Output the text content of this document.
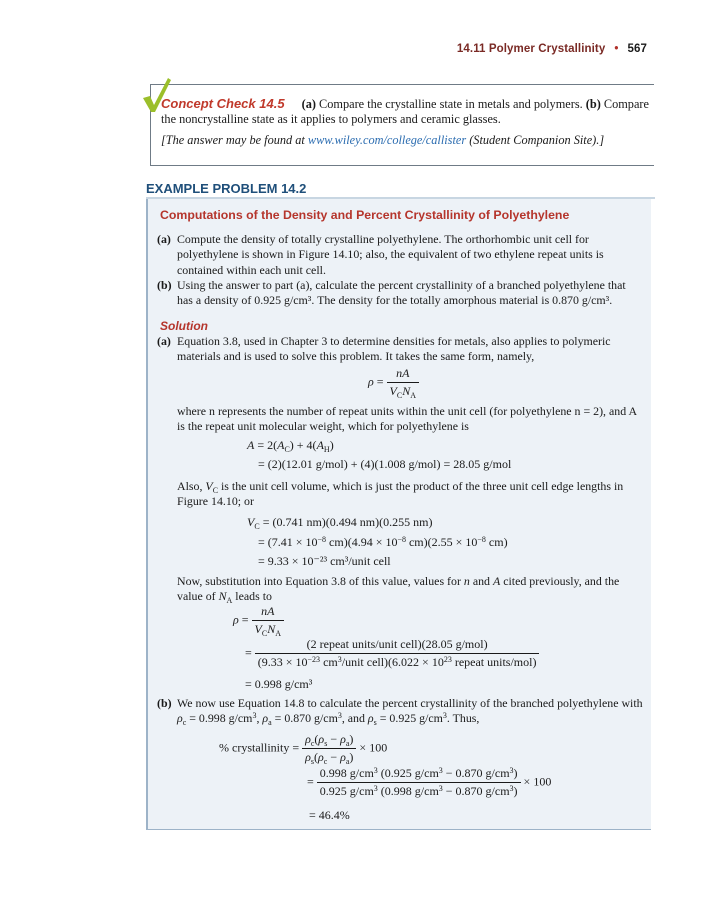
14.11 Polymer Crystallinity • 567
Concept Check 14.5 (a) Compare the crystalline state in metals and polymers. (b) Compare the noncrystalline state as it applies to polymers and ceramic glasses.
[The answer may be found at www.wiley.com/college/callister (Student Companion Site).]
EXAMPLE PROBLEM 14.2
Computations of the Density and Percent Crystallinity of Polyethylene
(a) Compute the density of totally crystalline polyethylene. The orthorhombic unit cell for polyethylene is shown in Figure 14.10; also, the equivalent of two ethylene repeat units is contained within each unit cell.
(b) Using the answer to part (a), calculate the percent crystallinity of a branched polyethylene that has a density of 0.925 g/cm³. The density for the totally amorphous material is 0.870 g/cm³.
Solution
(a) Equation 3.8, used in Chapter 3 to determine densities for metals, also applies to polymeric materials and is used to solve this problem. It takes the same form, namely,
$\rho = \frac{nA}{V_CN_A}$
where n represents the number of repeat units within the unit cell (for polyethylene n = 2), and A is the repeat unit molecular weight, which for polyethylene is
$A = 2(A_C) + 4(A_H)$
= (2)(12.01 g/mol) + (4)(1.008 g/mol) = 28.05 g/mol
Also, $V_C$ is the unit cell volume, which is just the product of the three unit cell edge lengths in Figure 14.10; or
$V_C = (0.741$ nm)(0.494 nm)(0.255 nm)
= ($7.41 \times 10^{-8}$ $cm)(4.94 \times 10^{-8}$ $cm)(2.55 \times 10^{-8}$ cm)
= 9.33 × 10⁻²³ cm³/unit cell
Now, substitution into Equation 3.8 of this value, values for n and A cited previously, and the value of $N_A$ leads to
$\rho = \frac{nA}{V_CN_A}$
= $\frac{\text{(2 repeat units/unit cell)(28.05 g/mol)}}{(9.33 \times 10^{-23} cm^3/unit cell)(6.022 \times 10^{23} repeat units/mol)}$
= 0.998 g/cm³
(b) We now use Equation 14.8 to calculate the percent crystallinity of the branched polyethylene with $\rho_c = 0.998$ $g/cm^3$, $\rho_a = 0.870$ $g/cm^3$, and $\rho_s = 0.925$ $g/cm^3$. Thus,
% crystallinity = $\frac{\rho_c(\rho_s - \rho_a)}{\rho_s(\rho_c - \rho_a)} \times 100$
= $\frac{0.998 g/cm^3 (0.925 g/cm^3 - 0.870 g/cm^3)}{0.925 g/cm^3 (0.998 g/cm^3 - 0.870 g/cm^3)} \times 100$
= 46.4%
